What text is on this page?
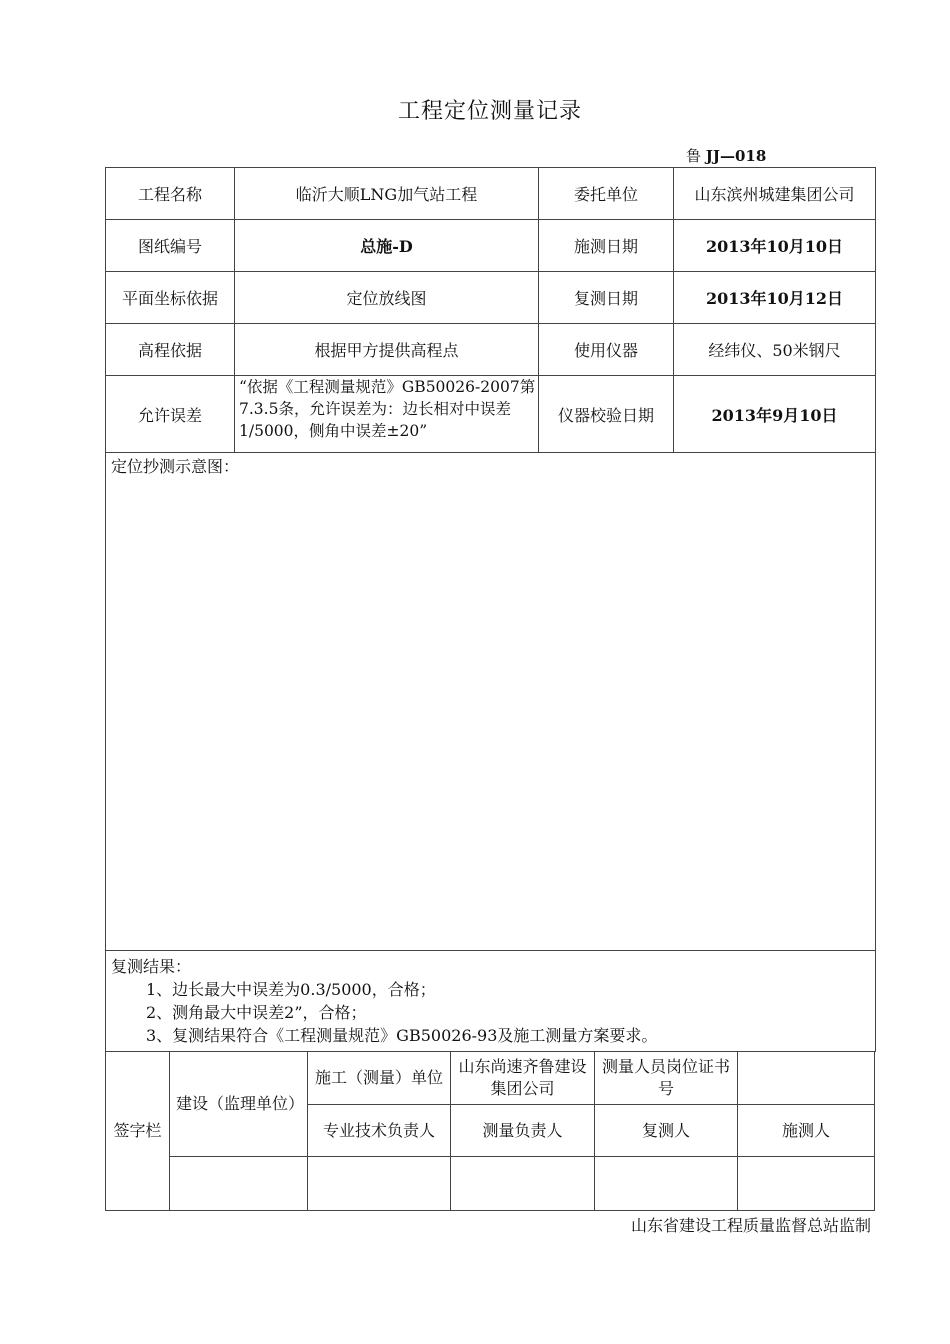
工程定位测量记录
鲁 JJ—018
工程名称	临沂大顺LNG加气站工程	委托单位	山东滨州城建集团公司
图纸编号	总施-D	施测日期	2013年10月10日
平面坐标依据	定位放线图	复测日期	2013年10月12日
高程依据	根据甲方提供高程点	使用仪器	经纬仪、50米钢尺
允许误差	“依据《工程测量规范》GB50026-2007第7.3.5条，允许误差为：边长相对中误差1/5000，侧角中误差±20”	仪器校验日期	2013年9月10日
定位抄测示意图：
复测结果：
1、边长最大中误差为0.3/5000，合格；
2、测角最大中误差2”，合格；
3、复测结果符合《工程测量规范》GB50026-93及施工测量方案要求。
签字栏	建设（监理单位）	施工（测量）单位	山东尚速齐鲁建设集团公司	测量人员岗位证书号	
		专业技术负责人	测量负责人	复测人	施测人

山东省建设工程质量监督总站监制
